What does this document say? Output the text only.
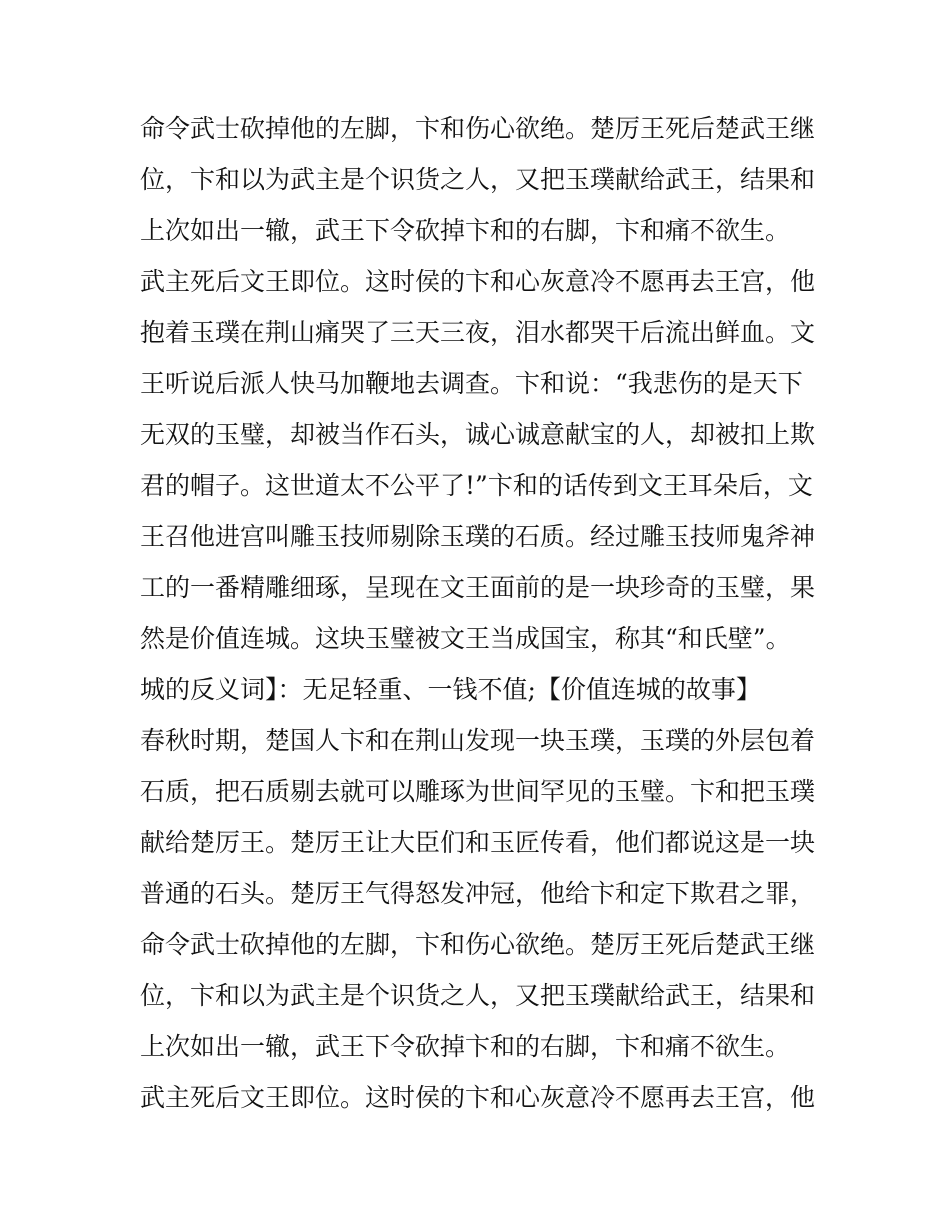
命令武士砍掉他的左脚，卞和伤心欲绝。楚厉王死后楚武王继
位，卞和以为武主是个识货之人，又把玉璞献给武王，结果和
上次如出一辙，武王下令砍掉卞和的右脚，卞和痛不欲生。
武主死后文王即位。这时侯的卞和心灰意冷不愿再去王宫，他
抱着玉璞在荆山痛哭了三天三夜，泪水都哭干后流出鲜血。文
王听说后派人快马加鞭地去调查。卞和说：“我悲伤的是天下
无双的玉璧，却被当作石头，诚心诚意献宝的人，却被扣上欺
君的帽子。这世道太不公平了!”卞和的话传到文王耳朵后，文
王召他进宫叫雕玉技师剔除玉璞的石质。经过雕玉技师鬼斧神
工的一番精雕细琢，呈现在文王面前的是一块珍奇的玉璧，果
然是价值连城。这块玉璧被文王当成国宝，称其“和氏壁”。
城的反义词】：无足轻重、一钱不值;【价值连城的故事】
春秋时期，楚国人卞和在荆山发现一块玉璞，玉璞的外层包着
石质，把石质剔去就可以雕琢为世间罕见的玉璧。卞和把玉璞
献给楚厉王。楚厉王让大臣们和玉匠传看，他们都说这是一块
普通的石头。楚厉王气得怒发冲冠，他给卞和定下欺君之罪，
命令武士砍掉他的左脚，卞和伤心欲绝。楚厉王死后楚武王继
位，卞和以为武主是个识货之人，又把玉璞献给武王，结果和
上次如出一辙，武王下令砍掉卞和的右脚，卞和痛不欲生。
武主死后文王即位。这时侯的卞和心灰意冷不愿再去王宫，他
